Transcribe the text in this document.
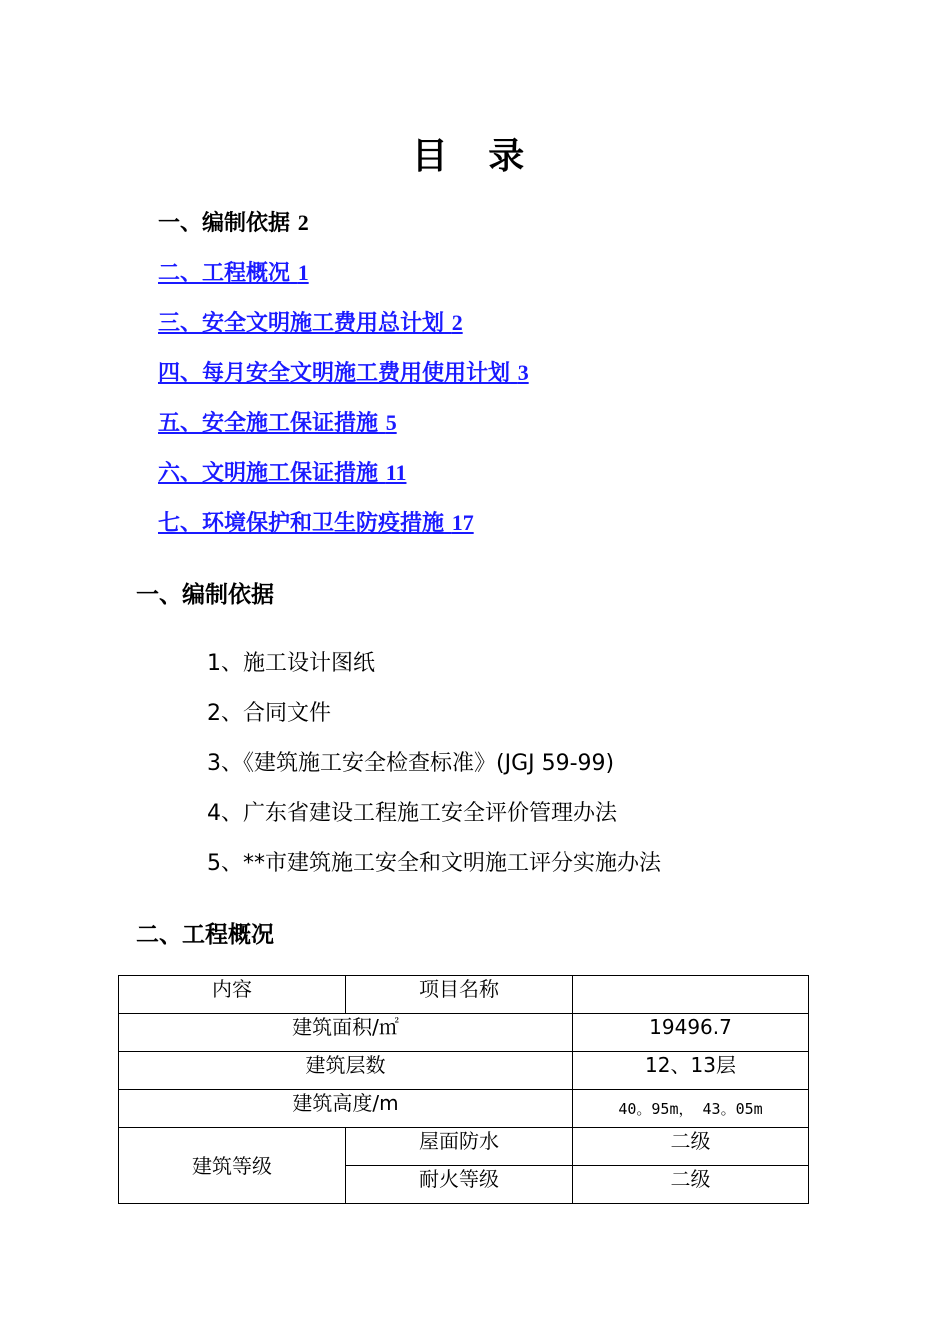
目 录
一、编制依据 2
二、工程概况 1
三、安全文明施工费用总计划 2
四、每月安全文明施工费用使用计划 3
五、安全施工保证措施 5
六、文明施工保证措施 11
七、环境保护和卫生防疫措施 17
一、编制依据
1、施工设计图纸
2、合同文件
3、《建筑施工安全检查标准》(JGJ 59-99)
4、广东省建设工程施工安全评价管理办法
5、**市建筑施工安全和文明施工评分实施办法
二、工程概况
内容	项目名称	
建筑面积/㎡		19496.7
建筑层数		12、13层
建筑高度/m		40。95m， 43。05m
建筑等级	屋面防水	二级
	耐火等级	二级
